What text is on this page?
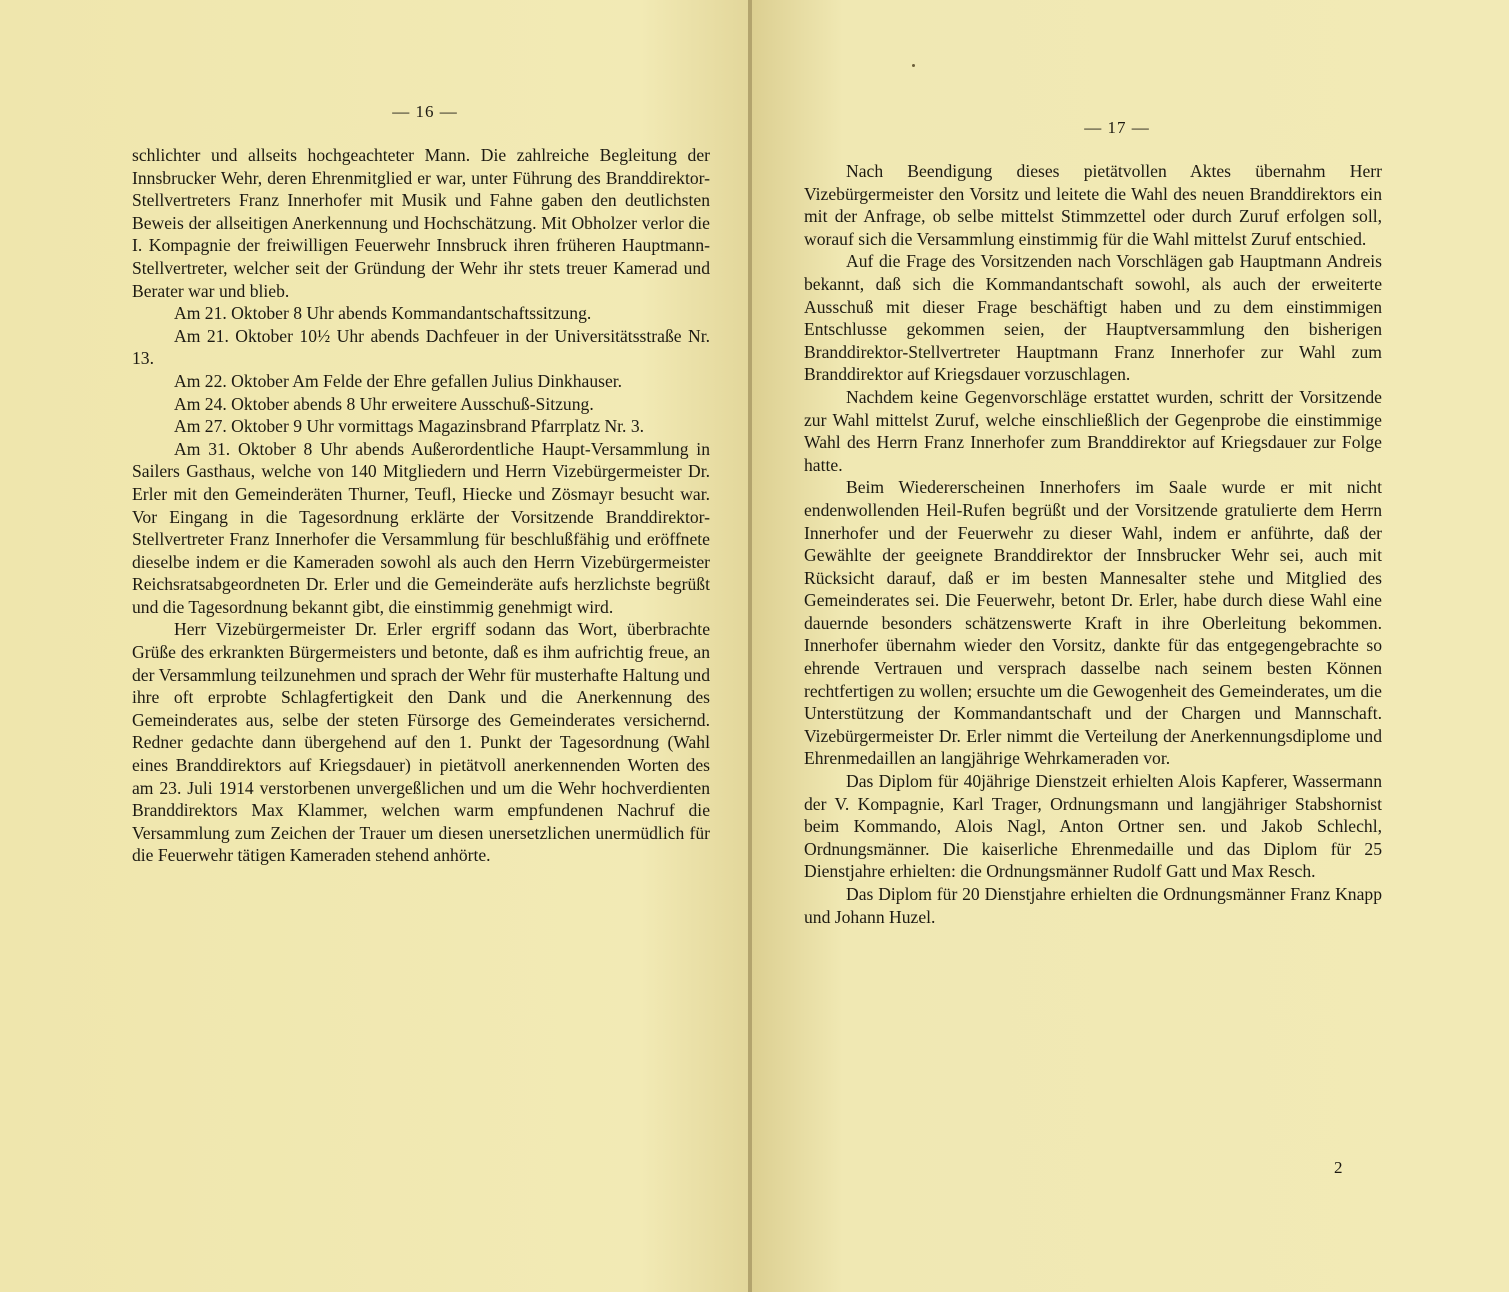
— 16 —

schlichter und allseits hochgeachteter Mann. Die zahlreiche Begleitung der Innsbrucker Wehr, deren Ehrenmitglied er war, unter Führung des Branddirektor-Stellvertreters Franz Innerhofer mit Musik und Fahne gaben den deutlichsten Beweis der allseitigen Anerkennung und Hochschätzung. Mit Obholzer verlor die I. Kompagnie der freiwilligen Feuerwehr Innsbruck ihren früheren Hauptmann-Stellvertreter, welcher seit der Gründung der Wehr ihr stets treuer Kamerad und Berater war und blieb.

Am 21. Oktober 8 Uhr abends Kommandantschaftssitzung.

Am 21. Oktober 10½ Uhr abends Dachfeuer in der Universitätsstraße Nr. 13.

Am 22. Oktober Am Felde der Ehre gefallen Julius Dinkhauser.

Am 24. Oktober abends 8 Uhr erweitere Ausschuß-Sitzung.

Am 27. Oktober 9 Uhr vormittags Magazinsbrand Pfarrplatz Nr. 3.

Am 31. Oktober 8 Uhr abends Außerordentliche Haupt-Versammlung in Sailers Gasthaus, welche von 140 Mitgliedern und Herrn Vizebürgermeister Dr. Erler mit den Gemeinderäten Thurner, Teufl, Hiecke und Zösmayr besucht war. Vor Eingang in die Tagesordnung erklärte der Vorsitzende Branddirektor-Stellvertreter Franz Innerhofer die Versammlung für beschlußfähig und eröffnete dieselbe indem er die Kameraden sowohl als auch den Herrn Vizebürgermeister Reichsratsabgeordneten Dr. Erler und die Gemeinderäte aufs herzlichste begrüßt und die Tagesordnung bekannt gibt, die einstimmig genehmigt wird.

Herr Vizebürgermeister Dr. Erler ergriff sodann das Wort, überbrachte Grüße des erkrankten Bürgermeisters und betonte, daß es ihm aufrichtig freue, an der Versammlung teilzunehmen und sprach der Wehr für musterhafte Haltung und ihre oft erprobte Schlagfertigkeit den Dank und die Anerkennung des Gemeinderates aus, selbe der steten Fürsorge des Gemeinderates versichernd. Redner gedachte dann übergehend auf den 1. Punkt der Tagesordnung (Wahl eines Branddirektors auf Kriegsdauer) in pietätvoll anerkennenden Worten des am 23. Juli 1914 verstorbenen unvergeßlichen und um die Wehr hochverdienten Branddirektors Max Klammer, welchen warm empfundenen Nachruf die Versammlung zum Zeichen der Trauer um diesen unersetzlichen unermüdlich für die Feuerwehr tätigen Kameraden stehend anhörte.

— 17 —

Nach Beendigung dieses pietätvollen Aktes übernahm Herr Vizebürgermeister den Vorsitz und leitete die Wahl des neuen Branddirektors ein mit der Anfrage, ob selbe mittelst Stimmzettel oder durch Zuruf erfolgen soll, worauf sich die Versammlung einstimmig für die Wahl mittelst Zuruf entschied.

Auf die Frage des Vorsitzenden nach Vorschlägen gab Hauptmann Andreis bekannt, daß sich die Kommandantschaft sowohl, als auch der erweiterte Ausschuß mit dieser Frage beschäftigt haben und zu dem einstimmigen Entschlusse gekommen seien, der Hauptversammlung den bisherigen Branddirektor-Stellvertreter Hauptmann Franz Innerhofer zur Wahl zum Branddirektor auf Kriegsdauer vorzuschlagen.

Nachdem keine Gegenvorschläge erstattet wurden, schritt der Vorsitzende zur Wahl mittelst Zuruf, welche einschließlich der Gegenprobe die einstimmige Wahl des Herrn Franz Innerhofer zum Branddirektor auf Kriegsdauer zur Folge hatte.

Beim Wiedererscheinen Innerhofers im Saale wurde er mit nicht endenwollenden Heil-Rufen begrüßt und der Vorsitzende gratulierte dem Herrn Innerhofer und der Feuerwehr zu dieser Wahl, indem er anführte, daß der Gewählte der geeignete Branddirektor der Innsbrucker Wehr sei, auch mit Rücksicht darauf, daß er im besten Mannesalter stehe und Mitglied des Gemeinderates sei. Die Feuerwehr, betont Dr. Erler, habe durch diese Wahl eine dauernde besonders schätzenswerte Kraft in ihre Oberleitung bekommen. Innerhofer übernahm wieder den Vorsitz, dankte für das entgegengebrachte so ehrende Vertrauen und versprach dasselbe nach seinem besten Können rechtfertigen zu wollen; ersuchte um die Gewogenheit des Gemeinderates, um die Unterstützung der Kommandantschaft und der Chargen und Mannschaft. Vizebürgermeister Dr. Erler nimmt die Verteilung der Anerkennungsdiplome und Ehrenmedaillen an langjährige Wehrkameraden vor.

Das Diplom für 40jährige Dienstzeit erhielten Alois Kapferer, Wassermann der V. Kompagnie, Karl Trager, Ordnungsmann und langjähriger Stabshornist beim Kommando, Alois Nagl, Anton Ortner sen. und Jakob Schlechl, Ordnungsmänner. Die kaiserliche Ehrenmedaille und das Diplom für 25 Dienstjahre erhielten: die Ordnungsmänner Rudolf Gatt und Max Resch.

Das Diplom für 20 Dienstjahre erhielten die Ordnungsmänner Franz Knapp und Johann Huzel.

2
